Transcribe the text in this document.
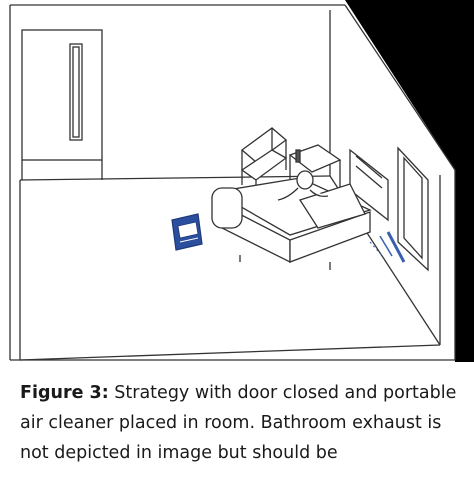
Figure 3: Strategy with door closed and portable air cleaner placed in room. Bathroom exhaust is not depicted in image but should be
